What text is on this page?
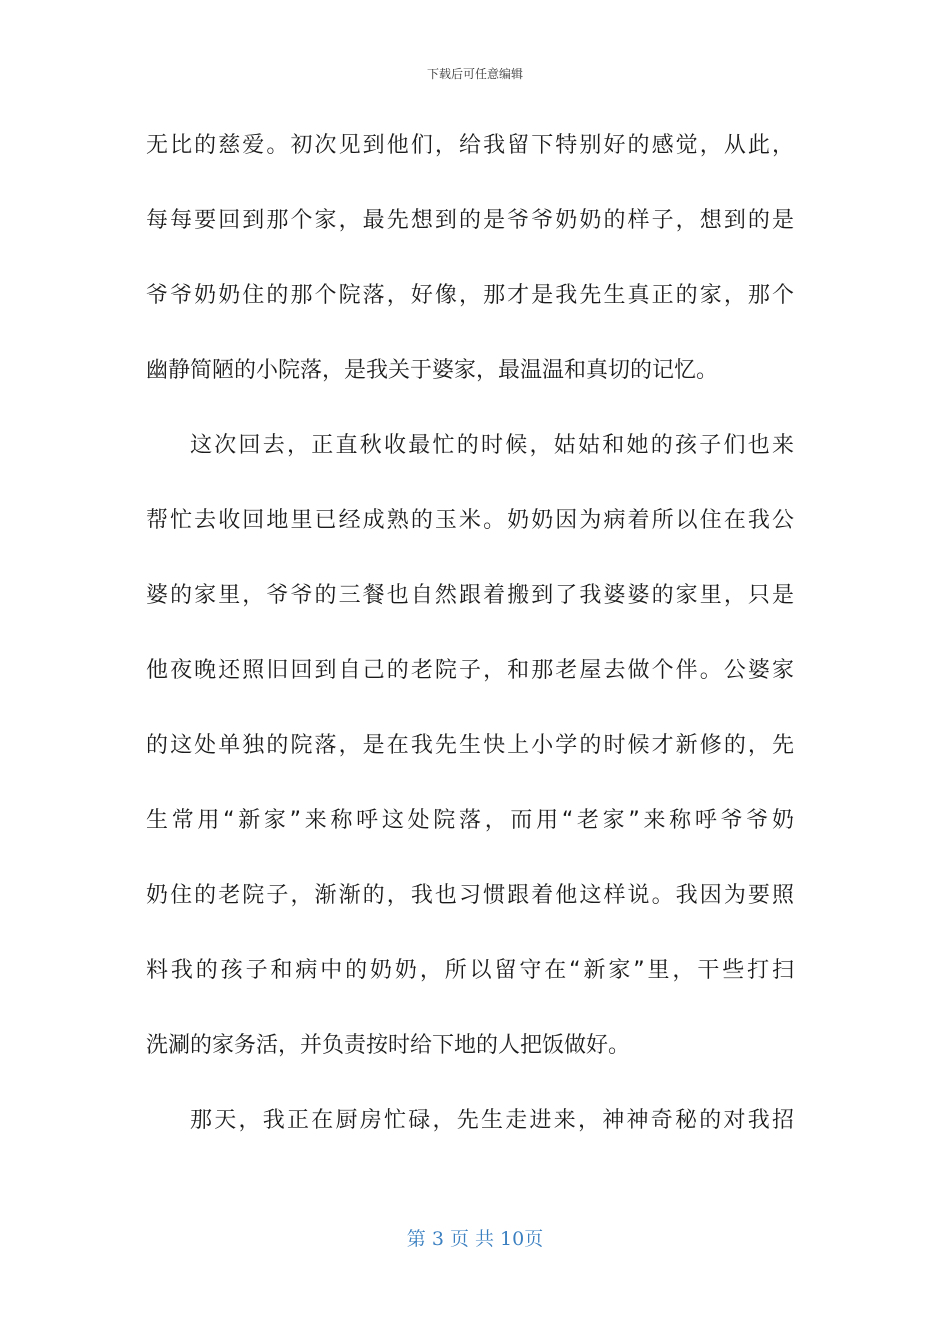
下载后可任意编辑
无比的慈爱。初次见到他们，给我留下特别好的感觉，从此，
每每要回到那个家，最先想到的是爷爷奶奶的样子，想到的是
爷爷奶奶住的那个院落，好像，那才是我先生真正的家，那个
幽静简陋的小院落，是我关于婆家，最温温和真切的记忆。
这次回去，正直秋收最忙的时候，姑姑和她的孩子们也来
帮忙去收回地里已经成熟的玉米。奶奶因为病着所以住在我公
婆的家里，爷爷的三餐也自然跟着搬到了我婆婆的家里，只是
他夜晚还照旧回到自己的老院子，和那老屋去做个伴。公婆家
的这处单独的院落，是在我先生快上小学的时候才新修的，先
生常用“新家”来称呼这处院落，而用“老家”来称呼爷爷奶
奶住的老院子，渐渐的，我也习惯跟着他这样说。我因为要照
料我的孩子和病中的奶奶，所以留守在“新家”里，干些打扫
洗涮的家务活，并负责按时给下地的人把饭做好。
那天，我正在厨房忙碌，先生走进来，神神奇秘的对我招
第 3 页 共 10页
